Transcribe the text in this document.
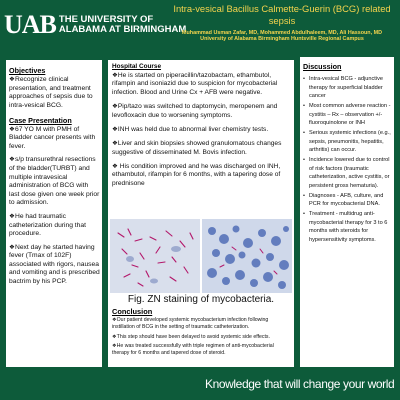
UAB THE UNIVERSITY OF
ALABAMA AT BIRMINGHAM
Intra-vesical Bacillus Calmette-Guerin (BCG) related sepsis
Muhammad Usman Zafar, MD, Mohammed Abdulhaleem, MD, Ali Hassoun, MD
University of Alabama Birmingham Huntsville Regional Campus
Objectives

❖Recognize clinical presentation, and treatment approaches of sepsis due to intra-vesical BCG.

Case Presentation

❖67 YO M with PMH of Bladder cancer presents with fever.

❖s/p transurethral resections of the bladder(TURBT) and multiple intravesical administration of BCG with last dose given one week prior to admission.

❖He had traumatic catheterization during that procedure.

❖Next day he started having fever (Tmax of 102F) associated with rigors, nausea and vomiting and is prescribed bactrim by his PCP.

Hospital Course

❖He is started on piperacillin/tazobactam, ethambutol, rifampin and isoniazid due to suspicion for mycobacterial infection. Blood and Urine Cx + AFB were negative.

❖Pip/tazo was switched to daptomycin, meropenem and levofloxacin due to worsening symptoms.

❖INH was held due to abnormal liver chemistry tests.

❖Liver and skin biopsies showed granulomatous changes suggestive of disseminated M. Bovis infection.

❖ His condition improved and he was discharged on INH, ethambutol, rifampin for 6 months, with a tapering dose of prednisone

Fig. ZN staining of mycobacteria.
Conclusion

❖Our patient developed systemic mycobacterium infection following instillation of BCG in the setting of traumatic catheterization.

❖This step should have been delayed to avoid systemic side effects.

❖He was treated successfully with triple regimen of anti-mycobacterial therapy for 6 months and tapered dose of steroid.

Discussion
• Intra-vesical BCG - adjunctive therapy for superficial bladder cancer
• Most common adverse reaction - cystitis – Rx – observation +/- fluoroquinolone or INH
• Serious systemic infections (e.g., sepsis, pneumonitis, hepatitis, arthritis) can occur.
• Incidence lowered due to control of risk factors (traumatic catheterization, active cystitis, or persistent gross hematuria).
• Diagnoses - AFB, culture, and PCR for mycobacterial DNA.
• Treatment - multidrug anti-mycobacterial therapy for 3 to 6 months with steroids for hypersensitivity symptoms.
Knowledge that will change your world
